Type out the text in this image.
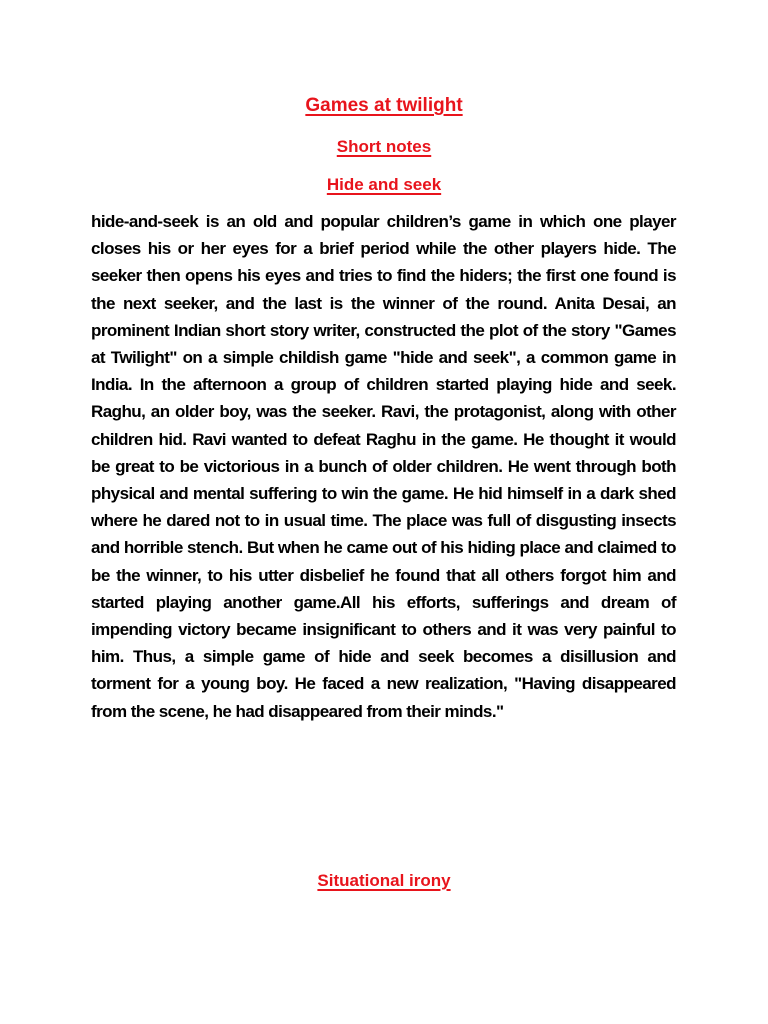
Games at twilight
Short notes
Hide and seek
hide-and-seek is an old and popular children’s game in which one player closes his or her eyes for a brief period while the other players hide. The seeker then opens his eyes and tries to find the hiders; the first one found is the next seeker, and the last is the winner of the round. Anita Desai, an prominent Indian short story writer, constructed the plot of the story "Games at Twilight" on a simple childish game "hide and seek", a common game in India. In the afternoon a group of children started playing hide and seek. Raghu, an older boy, was the seeker. Ravi, the protagonist, along with other children hid. Ravi wanted to defeat Raghu in the game. He thought it would be great to be victorious in a bunch of older children. He went through both physical and mental suffering to win the game. He hid himself in a dark shed where he dared not to in usual time. The place was full of disgusting insects and horrible stench. But when he came out of his hiding place and claimed to be the winner, to his utter disbelief he found that all others forgot him and started playing another game.All his efforts, sufferings and dream of impending victory became insignificant to others and it was very painful to him. Thus, a simple game of hide and seek becomes a disillusion and torment for a young boy. He faced a new realization, "Having disappeared from the scene, he had disappeared from their minds."
Situational irony
